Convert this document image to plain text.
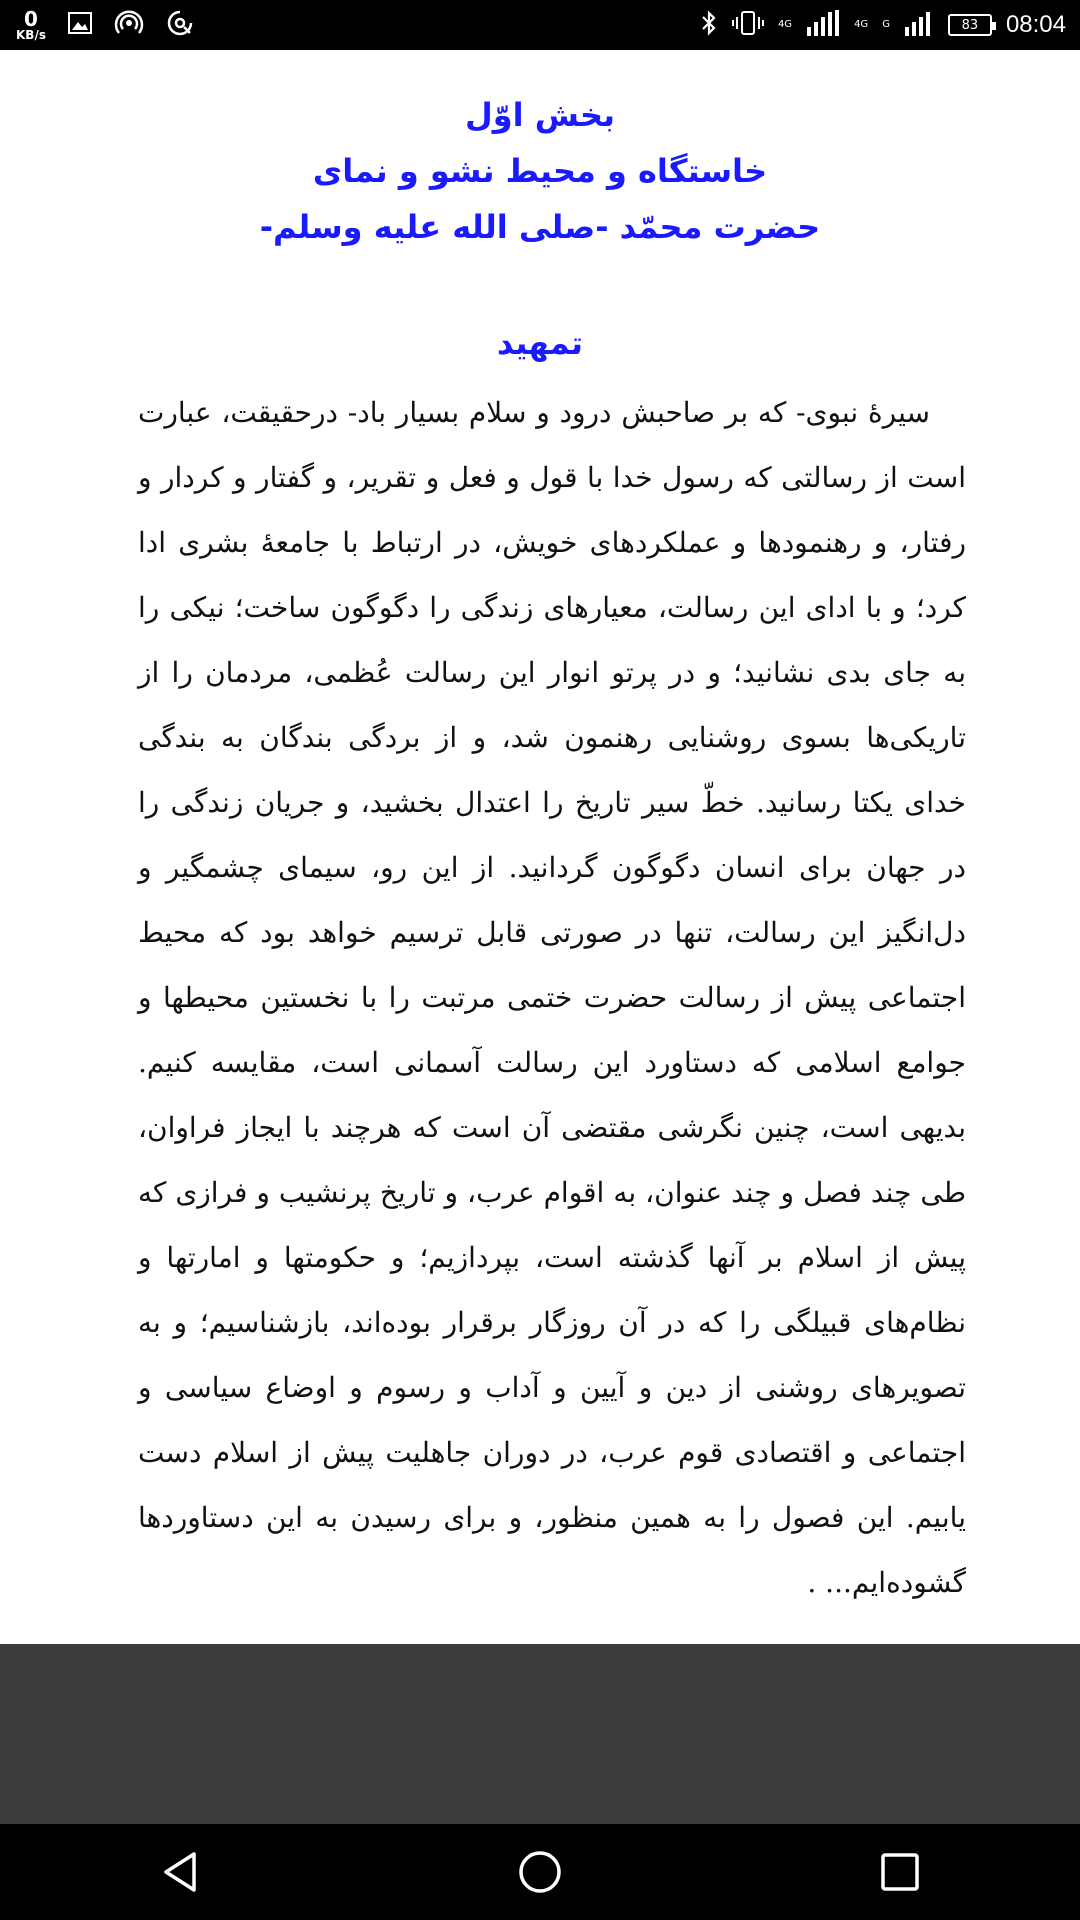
0
KB/s
4G	4G G	83 08:04
بخش اوّل
خاستگاه و محیط نشو و نمای
حضرت محمّد -صلی الله علیه وسلم-
تمهید

سیرۀ نبوی- که بر صاحبش درود و سلام بسیار باد- درحقیقت، عبارت است از رسالتی که رسول خدا با قول و فعل و تقریر، و گفتار و کردار و رفتار، و رهنمودها و عملکردهای خویش، در ارتباط با جامعۀ بشری ادا کرد؛ و با ادای این رسالت، معیارهای زندگی را دگوگون ساخت؛ نیکی را به جای بدی نشانید؛ و در پرتو انوار این رسالت عُظمی، مردمان را از تاریکی‌ها بسوی روشنایی رهنمون شد، و از بردگی بندگان به بندگی خدای یکتا رسانید. خطّ سیر تاریخ را اعتدال بخشید، و جریان زندگی را در جهان برای انسان دگوگون گردانید. از این رو، سیمای چشمگیر و دل‌انگیز این رسالت، تنها در صورتی قابل ترسیم خواهد بود که محیط اجتماعی پیش از رسالت حضرت ختمی مرتبت را با نخستین محیطها و جوامع اسلامی که دستاورد این رسالت آسمانی است، مقایسه کنیم. بدیهی است، چنین نگرشی مقتضی آن است که هرچند با ایجاز فراوان، طی چند فصل و چند عنوان، به اقوام عرب، و تاریخ پرنشیب و فرازی که پیش از اسلام بر آنها گذشته است، بپردازیم؛ و حکومتها و امارتها و نظام‌های قبیلگی را که در آن روزگار برقرار بوده‌اند، بازشناسیم؛ و به تصویرهای روشنی از دین و آیین و آداب و رسوم و اوضاع سیاسی و اجتماعی و اقتصادی قوم عرب، در دوران جاهلیت پیش از اسلام دست یابیم. این فصول را به همین منظور، و برای رسیدن به این دستاوردها گشوده‌ایم... .
